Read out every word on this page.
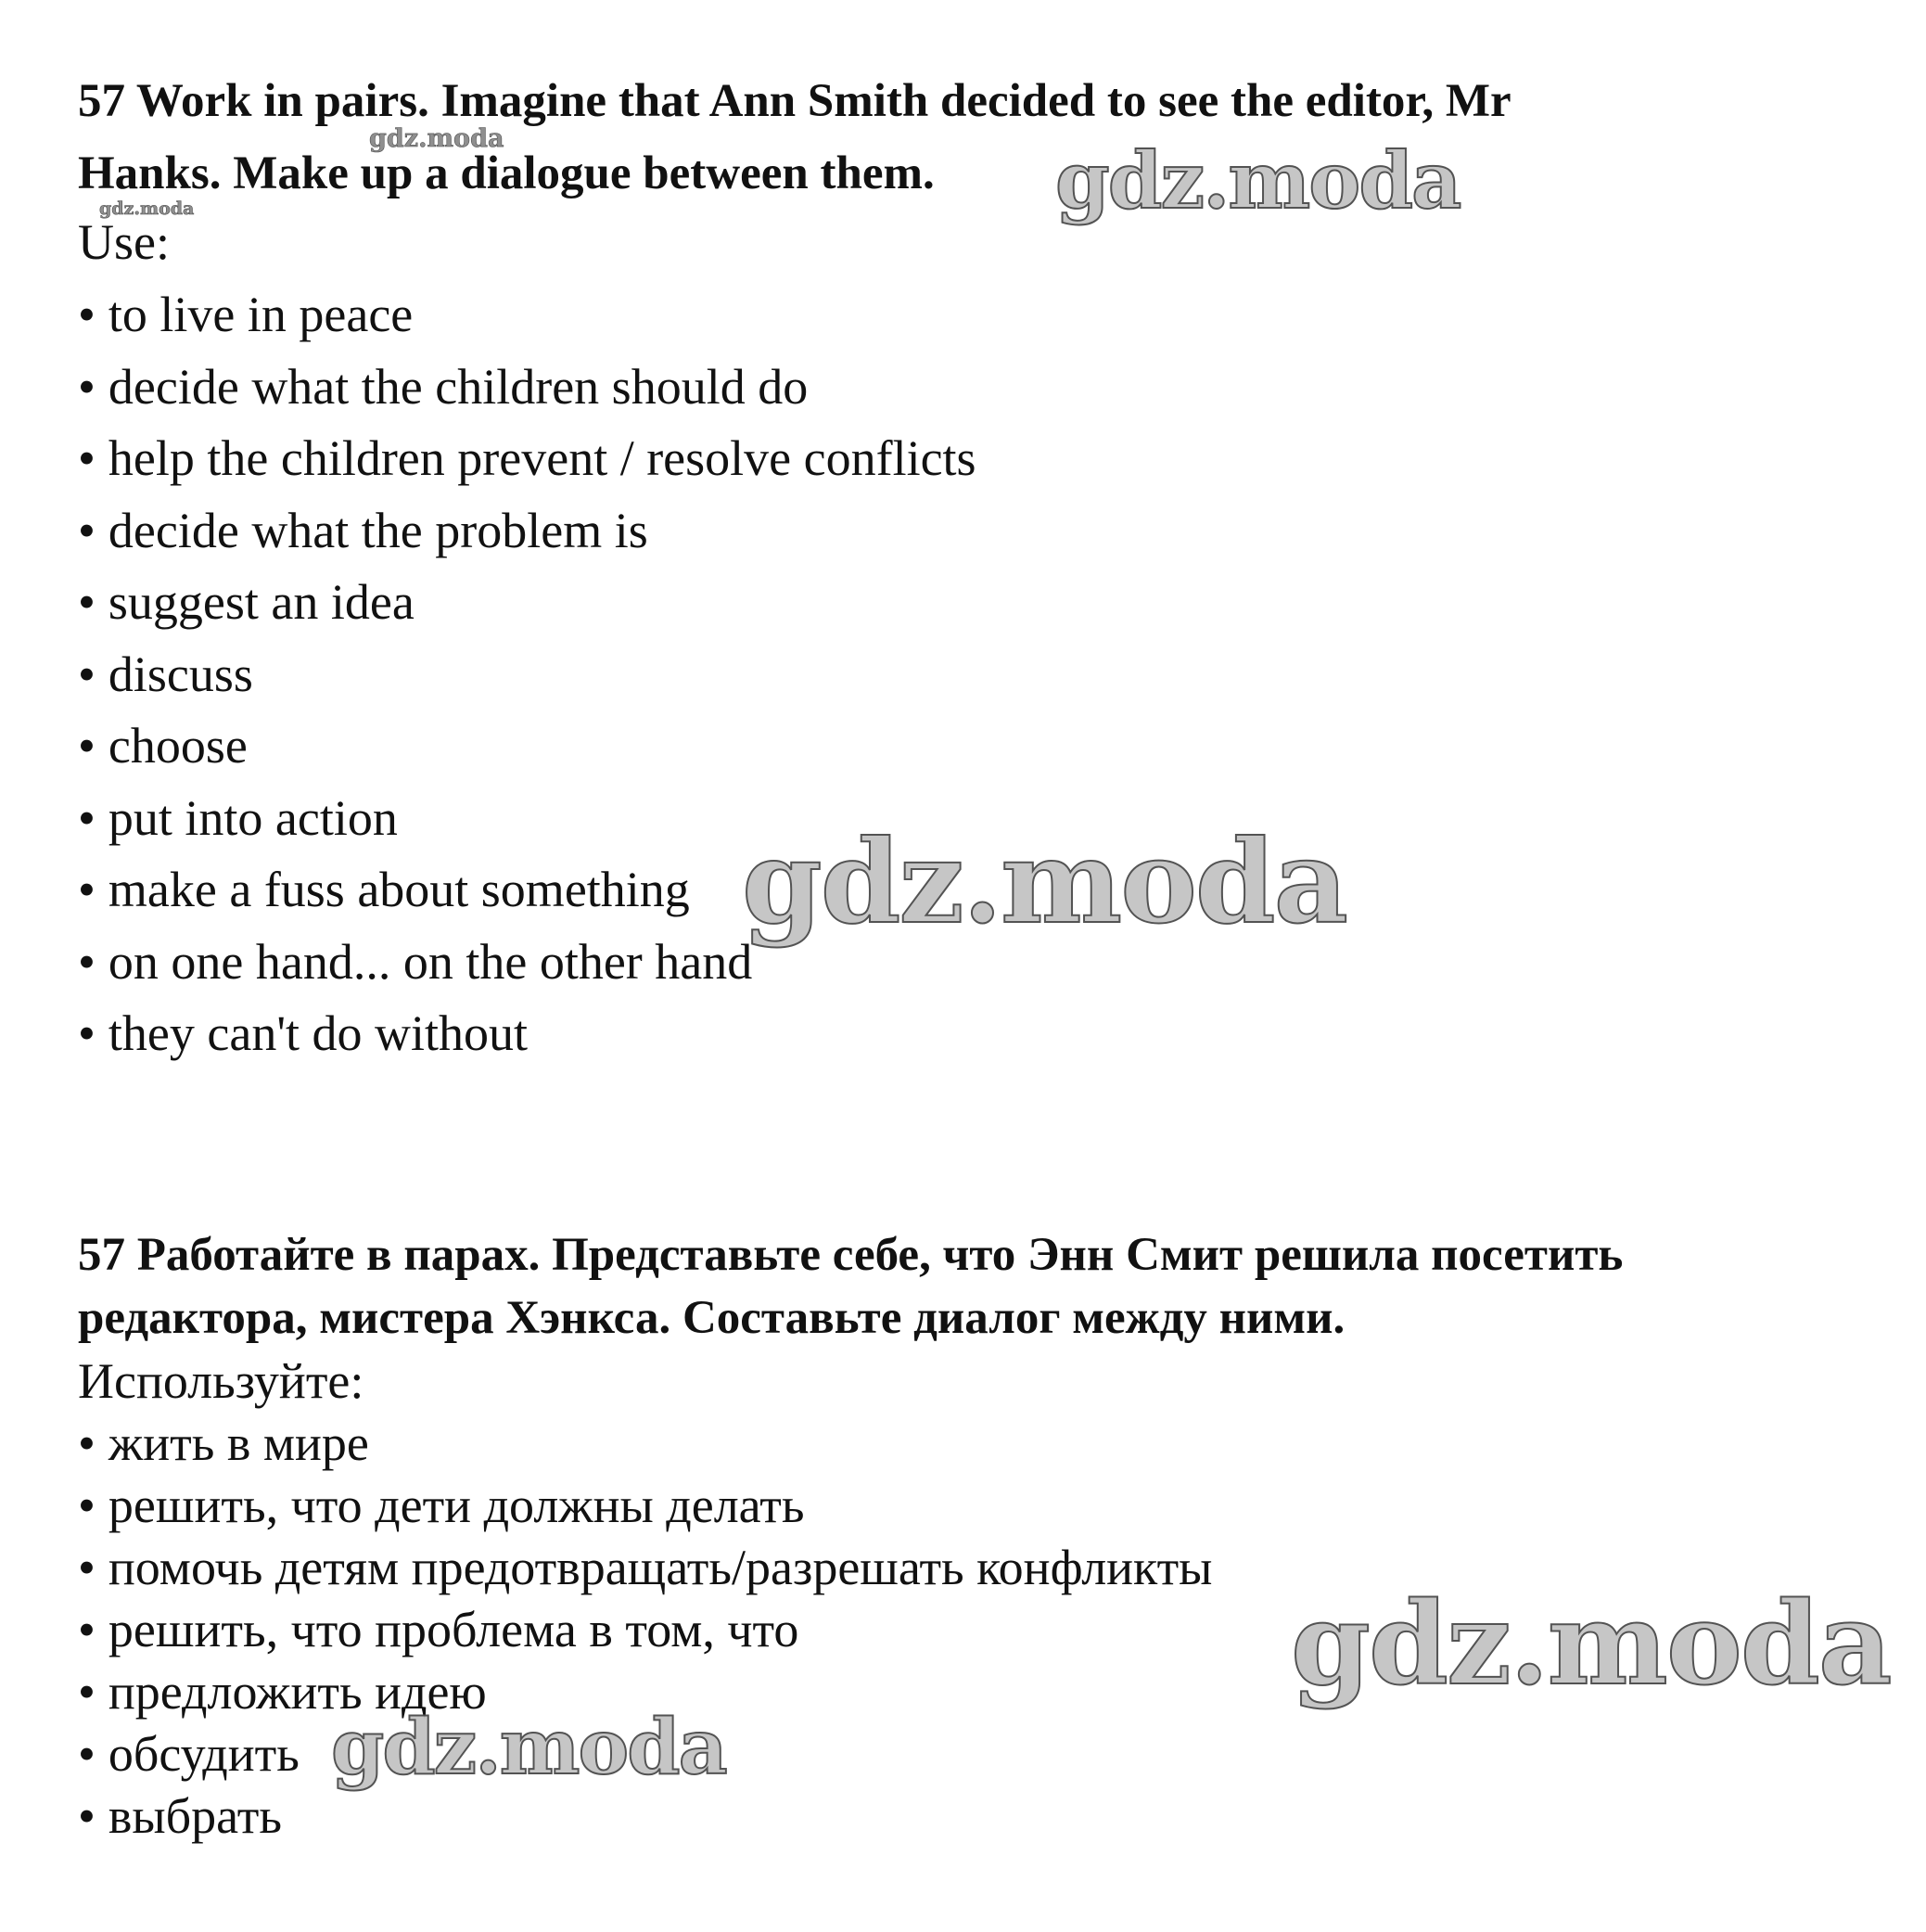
57 Work in pairs. Imagine that Ann Smith decided to see the editor, Mr
Hanks. Make up a dialogue between them.
Use:
• to live in peace
• decide what the children should do
• help the children prevent / resolve conflicts
• decide what the problem is
• suggest an idea
• discuss
• choose
• put into action
• make a fuss about something
• on one hand... on the other hand
• they can't do without
57 Работайте в парах. Представьте себе, что Энн Смит решила посетить
редактора, мистера Хэнкса. Составьте диалог между ними.
Используйте:
• жить в мире
• решить, что дети должны делать
• помочь детям предотвращать/разрешать конфликты
• решить, что проблема в том, что
• предложить идею
• обсудить
• выбрать
gdz.moda
gdz.moda	gdz.moda
gdz.moda
gdz.moda
gdz.moda
